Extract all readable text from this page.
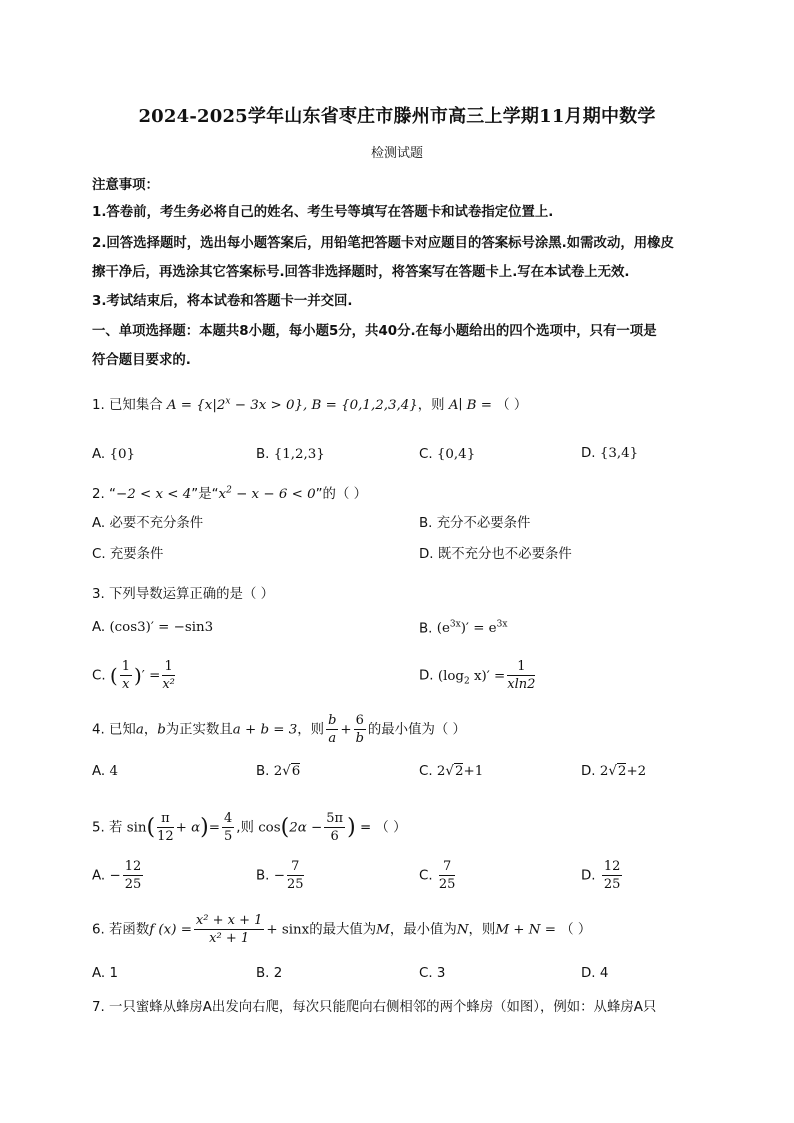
2024-2025学年山东省枣庄市滕州市高三上学期11月期中数学
检测试题
注意事项：
1.答卷前，考生务必将自己的姓名、考生号等填写在答题卡和试卷指定位置上.
2.回答选择题时，选出每小题答案后，用铅笔把答题卡对应题目的答案标号涂黑.如需改动，用橡皮
擦干净后，再选涂其它答案标号.回答非选择题时，将答案写在答题卡上.写在本试卷上无效.
3.考试结束后，将本试卷和答题卡一并交回.
一、单项选择题：本题共8小题，每小题5分，共40分.在每小题给出的四个选项中，只有一项是
符合题目要求的.
1. 已知集合 $A = \{x|2^x - 3x > 0\}$, B = {0,1,2,3,4}，则 A∣ B = （ ）
A. {0}	B. {1,2,3}	C. {0,4}	D. {3,4}
2. “−2 < x < 4”是“$x^2 - x - 6 < 0$”的（ ）
A. 必要不充分条件	B. 充分不必要条件
C. 充要条件	D. 既不充分也不必要条件
3. 下列导数运算正确的是（ ）
A. (cos3)′ = −sin3	B. $(e^{3x})' = e^{3x}$
C. ( $\frac{1}{x}$ )′ = $\frac{1}{\text{x²}}$	D. ($\log_2$ $x)' = \frac{1}{xln2}$
4. 已知a，b为正实数且a + b = 3，则 $\frac{b}{a} + \frac{6}{b}$ 的最小值为（ ）
A. 4	B. 2√6	C. 2√2+1	D. 2√2+2
5. 若 $\sin( \frac{\pi}{12} + \alpha)= \frac{4}{5}$ ,则 $\cos(2\alpha - \frac{5\pi}{6}$ ) = （ ）
A. − $\frac{12}{25}$	B. − $\frac{7}{25}$	C. $\frac{7}{25}$	D. $\frac{12}{25}$
6. 若函数f $(x) = \frac{\text{x² + x + 1}}{\text{x² + 1}} + \sin x$的最大值为M，最小值为N，则M + N = （ ）
A. 1	B. 2	C. 3	D. 4
7. 一只蜜蜂从蜂房A出发向右爬，每次只能爬向右侧相邻的两个蜂房（如图），例如：从蜂房A只
